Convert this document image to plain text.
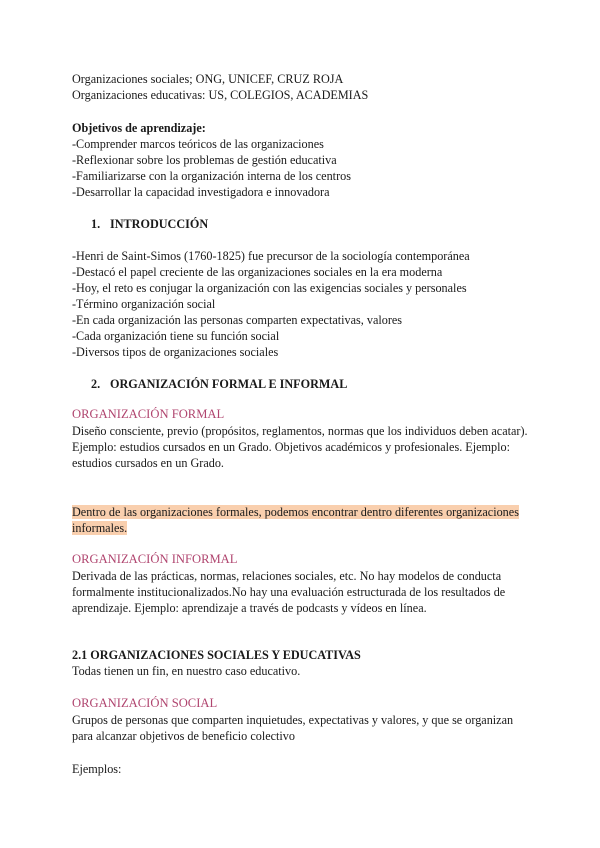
Organizaciones sociales; ONG, UNICEF, CRUZ ROJA
Organizaciones educativas: US, COLEGIOS, ACADEMIAS
Objetivos de aprendizaje:
-Comprender marcos teóricos de las organizaciones
-Reflexionar sobre los problemas de gestión educativa
-Familiarizarse con la organización interna de los centros
-Desarrollar la capacidad investigadora e innovadora
1. INTRODUCCIÓN
-Henri de Saint-Simos (1760-1825) fue precursor de la sociología contemporánea
-Destacó el papel creciente de las organizaciones sociales en la era moderna
-Hoy, el reto es conjugar la organización con las exigencias sociales y personales
-Término organización social
-En cada organización las personas comparten expectativas, valores
-Cada organización tiene su función social
-Diversos tipos de organizaciones sociales
2. ORGANIZACIÓN FORMAL E INFORMAL
ORGANIZACIÓN FORMAL
Diseño consciente, previo (propósitos, reglamentos, normas que los individuos deben acatar).
Ejemplo: estudios cursados en un Grado. Objetivos académicos y profesionales. Ejemplo:
estudios cursados en un Grado.
Dentro de las organizaciones formales, podemos encontrar dentro diferentes organizaciones
informales.
ORGANIZACIÓN INFORMAL
Derivada de las prácticas, normas, relaciones sociales, etc. No hay modelos de conducta
formalmente institucionalizados.No hay una evaluación estructurada de los resultados de
aprendizaje. Ejemplo: aprendizaje a través de podcasts y vídeos en línea.
2.1 ORGANIZACIONES SOCIALES Y EDUCATIVAS
Todas tienen un fin, en nuestro caso educativo.
ORGANIZACIÓN SOCIAL
Grupos de personas que comparten inquietudes, expectativas y valores, y que se organizan
para alcanzar objetivos de beneficio colectivo
Ejemplos:
